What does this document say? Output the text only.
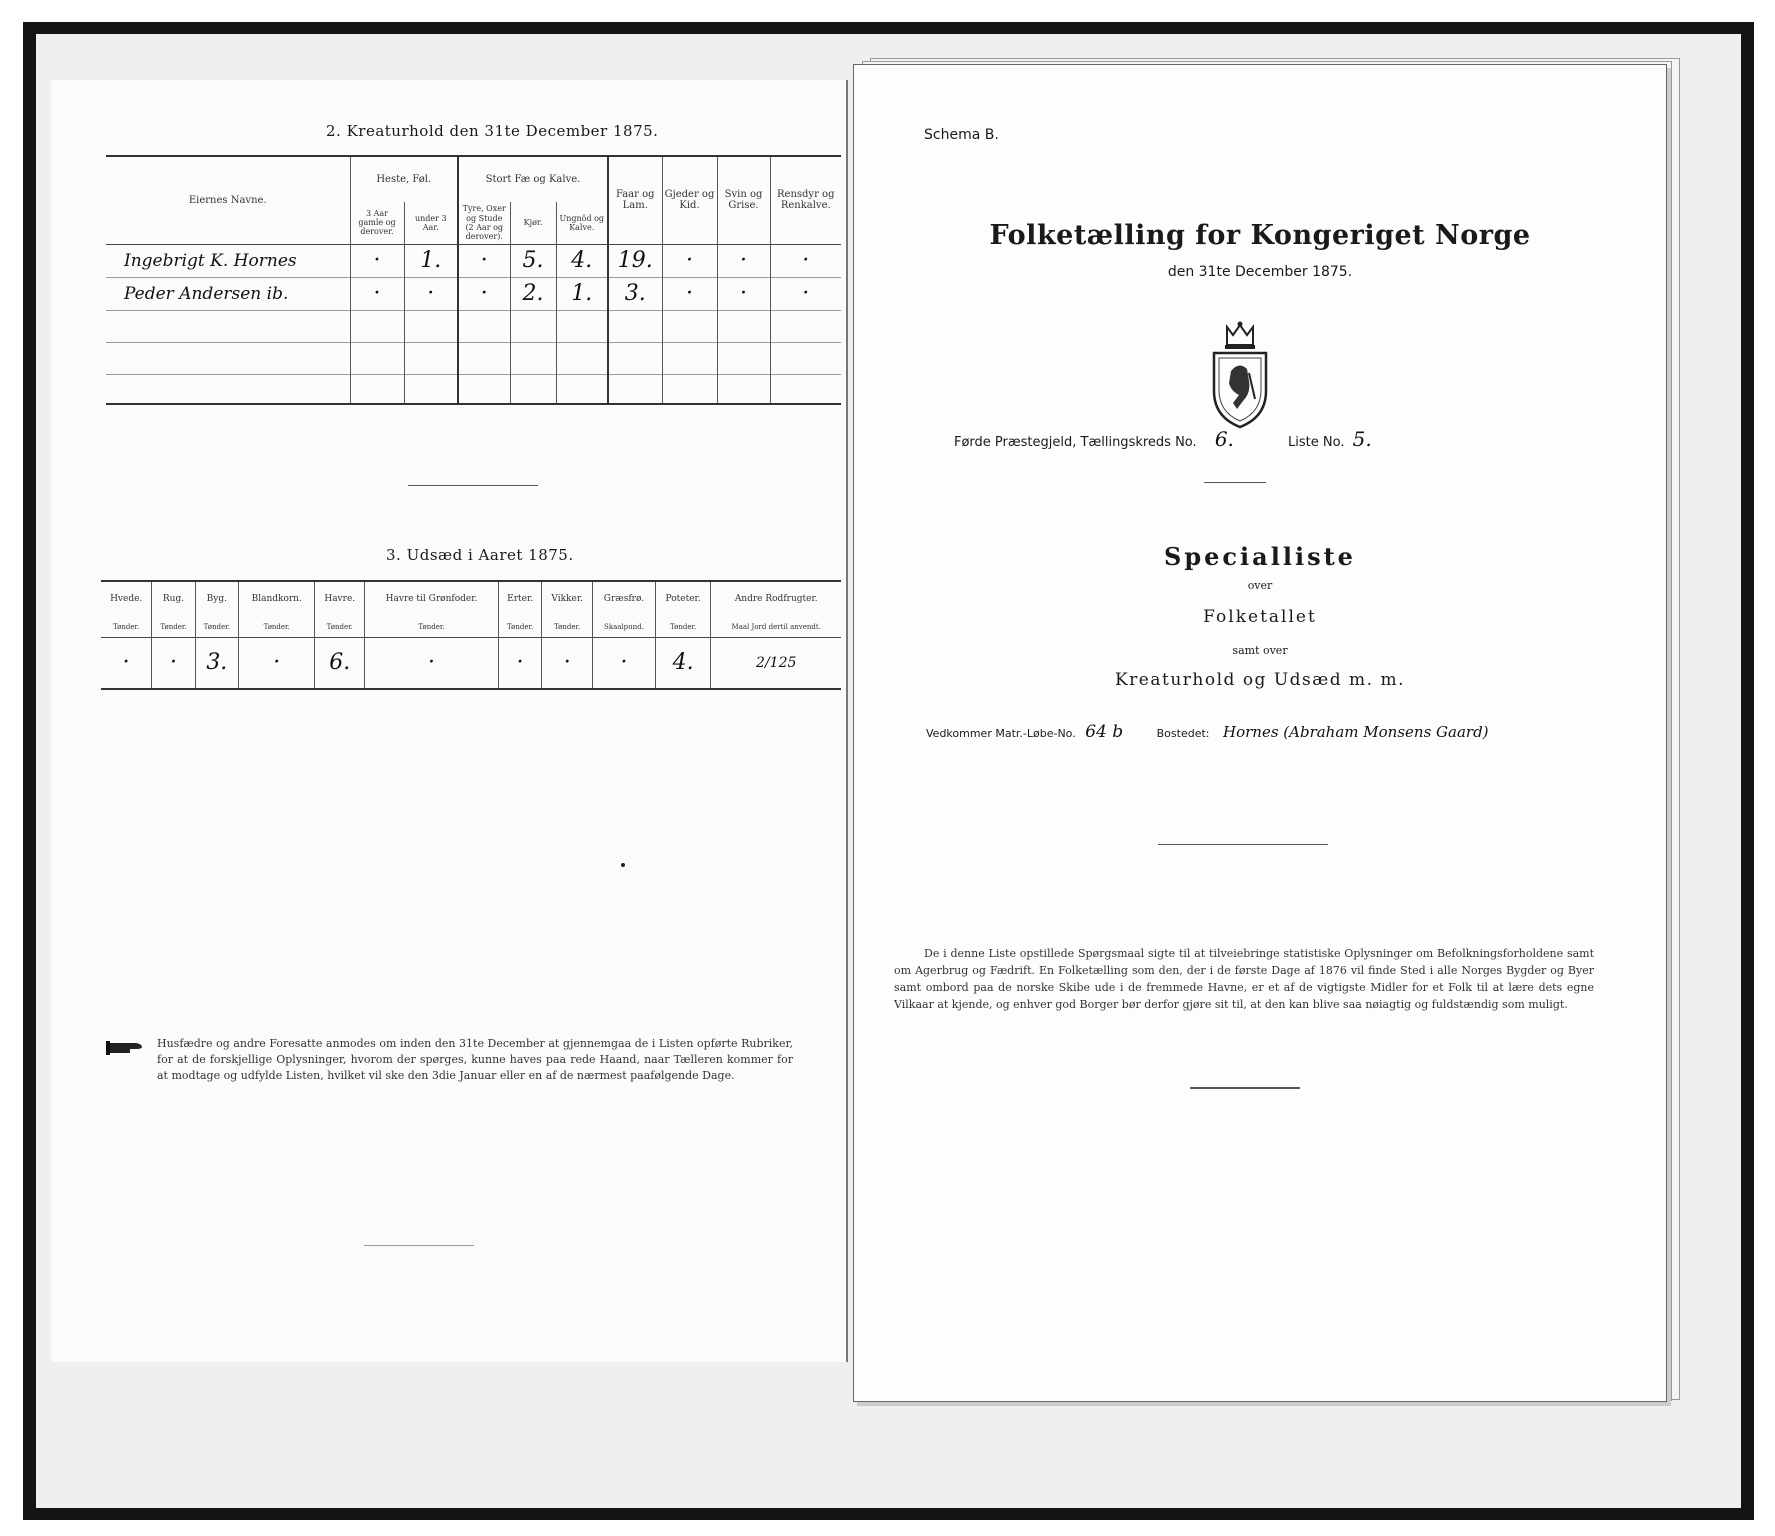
2. Kreaturhold den 31te December 1875.
Eiernes Navne.	Heste, Føl.		Stort Fæ og Kalve.			Faar og Lam.	Gjeder og Kid.	Svin og Grise.	Rensdyr og Renkalve.
	3 Aar gamle og derover.	under 3 Aar.	Tyre, Oxer og Stude (2 Aar og derover).	Kjør.	Ungnöd og Kalve.				
Ingebrigt K. Hornes	·	1.	·	5.	4.	19.	·	·	·
Peder Andersen ib.	·	·	·	2.	1.	3.	·	·	·

3. Udsæd i Aaret 1875.
Hvede.	Rug.	Byg.	Blandkorn.	Havre.	Havre til Grønfoder.	Erter.	Vikker.	Græsfrø.	Poteter.	Andre Rodfrugter.
Tønder.	Tønder.	Tønder.	Tønder.	Tønder.	Tønder.	Tønder.	Tønder.	Skaalpund.	Tønder.	Maal Jord dertil anvendt.
·	·	3.	·	6.	·	·	·	·	4.	2/125
Husfædre og andre Foresatte anmodes om inden den 31te December at gjennemgaa de i Listen opførte Rubriker, for at de forskjellige Oplysninger, hvorom der spørges, kunne haves paa rede Haand, naar Tælleren kommer for at modtage og udfylde Listen, hvilket vil ske den 3die Januar eller en af de nærmest paafølgende Dage.
Schema B.
Folketælling for Kongeriget Norge
den 31te December 1875.
Førde Præstegjeld, Tællingskreds No. 6.	Liste No. 5.
Specialliste
over
Folketallet
samt over
Kreaturhold og Udsæd m. m.
Vedkommer Matr.-Løbe-No. 64 b	Bostedet: Hornes (Abraham Monsens Gaard)
De i denne Liste opstillede Spørgsmaal sigte til at tilveiebringe statistiske Oplysninger om Befolkningsforholdene samt om Agerbrug og Fædrift. En Folketælling som den, der i de første Dage af 1876 vil finde Sted i alle Norges Bygder og Byer samt ombord paa de norske Skibe ude i de fremmede Havne, er et af de vigtigste Midler for et Folk til at lære dets egne Vilkaar at kjende, og enhver god Borger bør derfor gjøre sit til, at den kan blive saa nøiagtig og fuldstændig som muligt.
